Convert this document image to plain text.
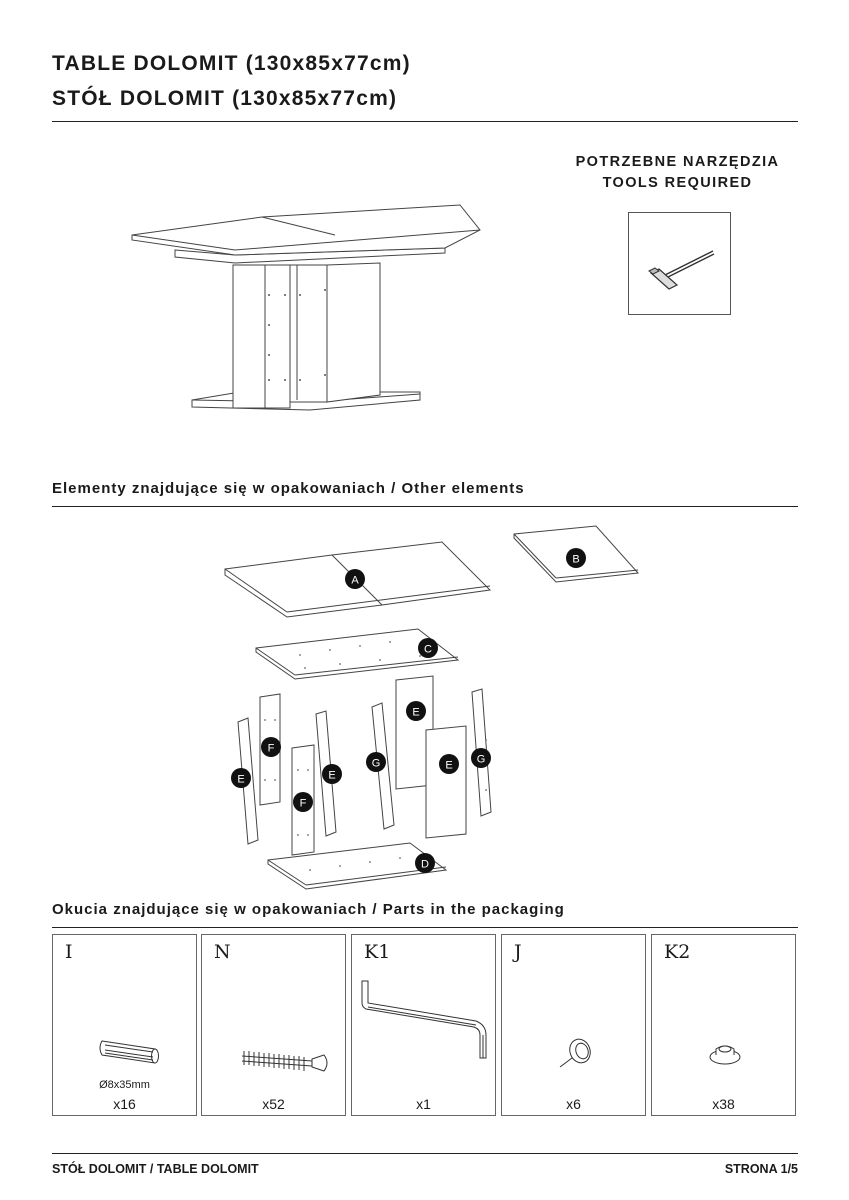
TABLE DOLOMIT (130x85x77cm)
STÓŁ DOLOMIT (130x85x77cm)
POTRZEBNE NARZĘDZIA
TOOLS REQUIRED
Elementy znajdujące się w opakowaniach / Other elements
A
B
C
D
E
E	E
E
F
F
G	G
Okucia znajdujące się w opakowaniach / Parts in the packaging
I
Ø8x35mm
x16
N
x52
K1
x1
J
x6
K2
x38
STÓŁ DOLOMIT / TABLE DOLOMIT	STRONA 1/5
